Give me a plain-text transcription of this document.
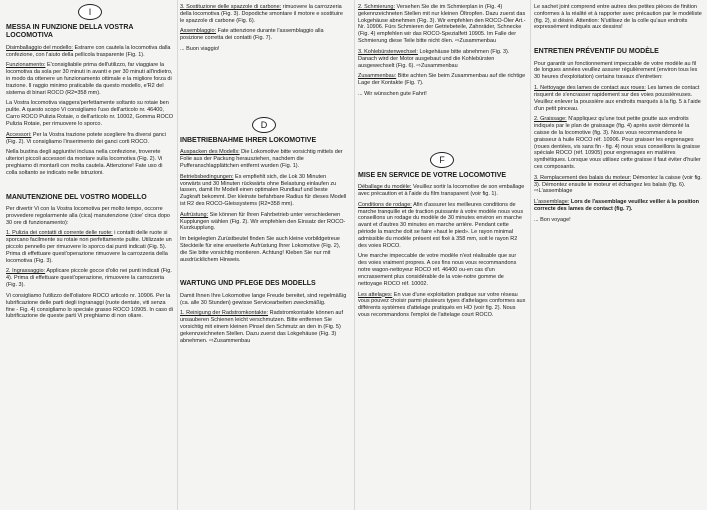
I
MESSA IN FUNZIONE DELLA VOSTRA LOCOMOTIVA

Disimballaggio del modello: Estrarre con cautela la locomotiva dalla confezione, con l'aiuto della pellicola trasparente (Fig. 1).

Funzionamento: E'consigliabile prima dell'utilizzo, far viaggiare la locomotiva da sola per 30 minuti in avanti e per 30 minuti all'indietro, in modo da ottenere un funzionamento ottimale e la migliore forza di trazione. Il raggio minimo praticabile da questo modello, e'R2 del sistema di binari ROCO (R2=358 mm).

La Vostra locomotiva viaggera'perfettamente soltanto su rotaie ben pulite. A questo scopo Vi consigliamo l'uso dell'articolo nr. 46400, Carro ROCO Pulizia Rotaie, o dell'articolo nr. 10002, Gomma ROCO Pulizia Rotaie, per rimuovere lo sporco.

Accessori: Per la Vostra trazione potete scegliere fra diversi ganci (Fig. 2). Vi consigliamo l'inserimento dei ganci corti ROCO.

Nella bustina degli aggiuntivi inclusa nella confezione, troverete ulteriori piccoli accessori da montare sulla locomotiva (Fig. 2). Vi preghiamo di montarli con molta cautela. Attenzione! Fate uso di colla soltanto se indicato nelle istruzioni.

MANUTENZIONE DEL VOSTRO MODELLO

Per divertir Vi con la Vostra locomotiva per molto tempo, occorre provvedere regolarmente alla (cica) manutenzione (cioe' circa dopo 30 ore di funzionamento):

1. Pulizia dei contatti di corrente delle ruote: i contatti delle ruote si sporcano facilmente su rotaie non perfettamente pulite. Utilizzate un piccolo pennello per rimuovere lo sporco dai punti indicati (Fig. 5). Prima di effettuare quest'operazione rimuovere la carrozzeria della locomotiva (Fig. 3).

2. Ingrassaggio: Applicare piccole gocce d'olio nei punti indicati (Fig. 4). Prima di effettuare quest'operazione, rimuovere la carrozzeria (Fig. 3).

Vi consigliamo l'utilizzo dell'oliatore ROCO articolo nr. 10906. Per la lubrificazione delle parti degli ingranaggi (ruote dentate, viti senza fine - Fig. 4) consigliamo lo speciale grasso ROCO 10905. In caso di lubrificazione de queste parti Vi preghiamo di non oliare.

3. Sostituzione delle spazzole di carbone: rimuovere la carrozzeria della locomotiva (Fig. 3). Dopodiche smontare il motore e sostituire le spazzole di carbone (Fig. 6).

Assemblaggio: Fate attenzione durante l'assemblaggio alla posizione corretta dei contatti (Fig. 7).

... Buon viaggio!

D
INBETRIEBNAHME IHRER LOKOMOTIVE

Auspacken des Modells: Die Lokomotive bitte vorsichtig mittels der Folie aus der Packung herausziehen, nachdem die Pufferanschlagplättchen entfernt wurden (Fig. 1).

Betriebsbedingungen: Es empfiehlt sich, die Lok 30 Minuten vorwärts und 30 Minuten rückwärts ohne Belastung einlaufen zu lassen, damit Ihr Modell einen optimalen Rundlauf und beste Zugkraft bekommt. Der kleinste befahrbare Radius für dieses Modell ist R2 des ROCO-Gleissystems (R2=358 mm).

Aufrüstung: Sie können für Ihren Fahrbetrieb unter verschiedenen Kupplungen wählen (Fig. 2). Wir empfehlen den Einsatz der ROCO-Kurzkupplung.

Im beigelegten Zurüstbeutel finden Sie auch kleine vorbildgetreue Steckteile für eine erweiterte Aufrüstung Ihrer Lokomotive (Fig. 2), die Sie bitte vorsichtig montieren. Achtung! Kleben Sie nur mit ausdrücklichem Hinweis.

WARTUNG UND PFLEGE DES MODELLS

Damit Ihnen Ihre Lokomotive lange Freude bereitet, sind regelmäßig (ca. alle 30 Stunden) gewisse Servicearbeiten zweckmäßig.

1. Reinigung der Radstromkontakte: Radstromkontakte können auf unsauberen Schienen leicht verschmutzen. Bitte entfernen Sie vorsichtig mit einem kleinen Pinsel den Schmutz an den in (Fig. 5) gekennzeichneten Stellen. Dazu zuerst das Lokgehäuse (Fig. 3) abnehmen. ⇨Zusammenbau

2. Schmierung: Versehen Sie die im Schmierplan in (Fig. 4) gekennzeichneten Stellen mit nur kleinen Öltropfen. Dazu zuerst das Lokgehäuse abnehmen (Fig. 3). Wir empfehlen den ROCO-Öler Art.-Nr. 10906. Fürs Schmieren der Getriebeteile, Zahnräder, Schnecke (Fig. 4) empfehlen wir das ROCO-Spezialfett 10905. Im Falle der Schmierung diese Teile bitte nicht ölen. ⇨Zusammenbau

3. Kohlebürstenwechsel: Lokgehäuse bitte abnehmen (Fig. 3). Danach wird der Motor ausgebaut und die Kohlebürsten ausgewechselt (Fig. 6). ⇨Zusammenbau

Zusammenbau: Bitte achten Sie beim Zusammenbau auf die richtige Lage der Kontakte (Fig. 7).

... Wir wünschen gute Fahrt!

F
MISE EN SERVICE DE VOTRE LOCOMOTIVE

Déballage du modèle: Veuillez sortir la locomotive de son emballage avec précaution et à l'aide du film transparent (voir fig. 1).

Conditions de rodage: Afin d'assurer les meilleures conditions de marche tranquille et de traction puissante à votre modèle nous vous conseillons un rodage du modèle de 30 minutes environ en marche avant et d'autres 30 minutes en marche arrière. Pendant cette période la marche doit se faire «haut le pied». Le rayon minimal admissible du modèle présent est fixé à 358 mm, soit le rayon R2 des voies ROCO.

Une marche impeccable de votre modèle n'est réalisable que sur des voies vraiment propres. A ces fins nous vous recommandons notre wagon-nettoyeur ROCO réf. 46400 ou-en cas d'un encrassement plus considérable de la voie-notre gomme de nettoyage ROCO réf. 10002.

Les attelages: En vue d'une exploitation pratique sur votre réseau vous pouvez choisir parmi plusieurs types d'attelages conformes aux différents systèmes d'attelage pratiqués en HO (voir fig. 2). Nous vous recommandons l'emploi de l'attelage court ROCO.

Le sachet joint comprend entre autres des petites pièces de finition conformes à la réalité et à rapporter avec précaution par le modéliste (fig. 2), si désiré. Attention: N'utilisez de la colle qu'aux endroits expressément indiqués aux dessins!

ENTRETIEN PRÉVENTIF DU MODÈLE

Pour garantir un fonctionnement impeccable de votre modèle au fil de longues années veuillez assurer régulièrement (environ tous les 30 heures d'exploitation) certains travaux d'entretien:

1. Nettoyage des lames de contact aux roues: Les lames de contact risquent de s'encrasser rapidement sur des voies poussiéreuses. Veuillez enlever la poussière aux endroits marqués à la fig. 5 à l'aide d'un petit pinceau.

2. Graissage: N'appliquez qu'une tout petite goutte aux endroits indiqués par le plan de graissage (fig. 4) après avoir démonté la caisse de la locomotive (fig. 3). Nous vous recommandons le graisseur à huile ROCO réf. 10906. Pour graisser les engrenages (roues dentées, vis sans fin - fig. 4) nous vous conseillons la graisse spéciale ROCO (réf. 10905) pour engrenages en matières synthétiques. Lorsque vous utilisez cette graisse il faut éviter d'huiler ces composants.

3. Remplacement des balais du moteur: Démontez la caisse (voir fig. 3). Démontez ensuite le moteur et échangez les balais (fig. 6). ⇨L'assemblage

L'assemblage: Lors de l'assemblage veuillez veiller à la position correcte des lames de contact (fig. 7).

... Bon voyage!
